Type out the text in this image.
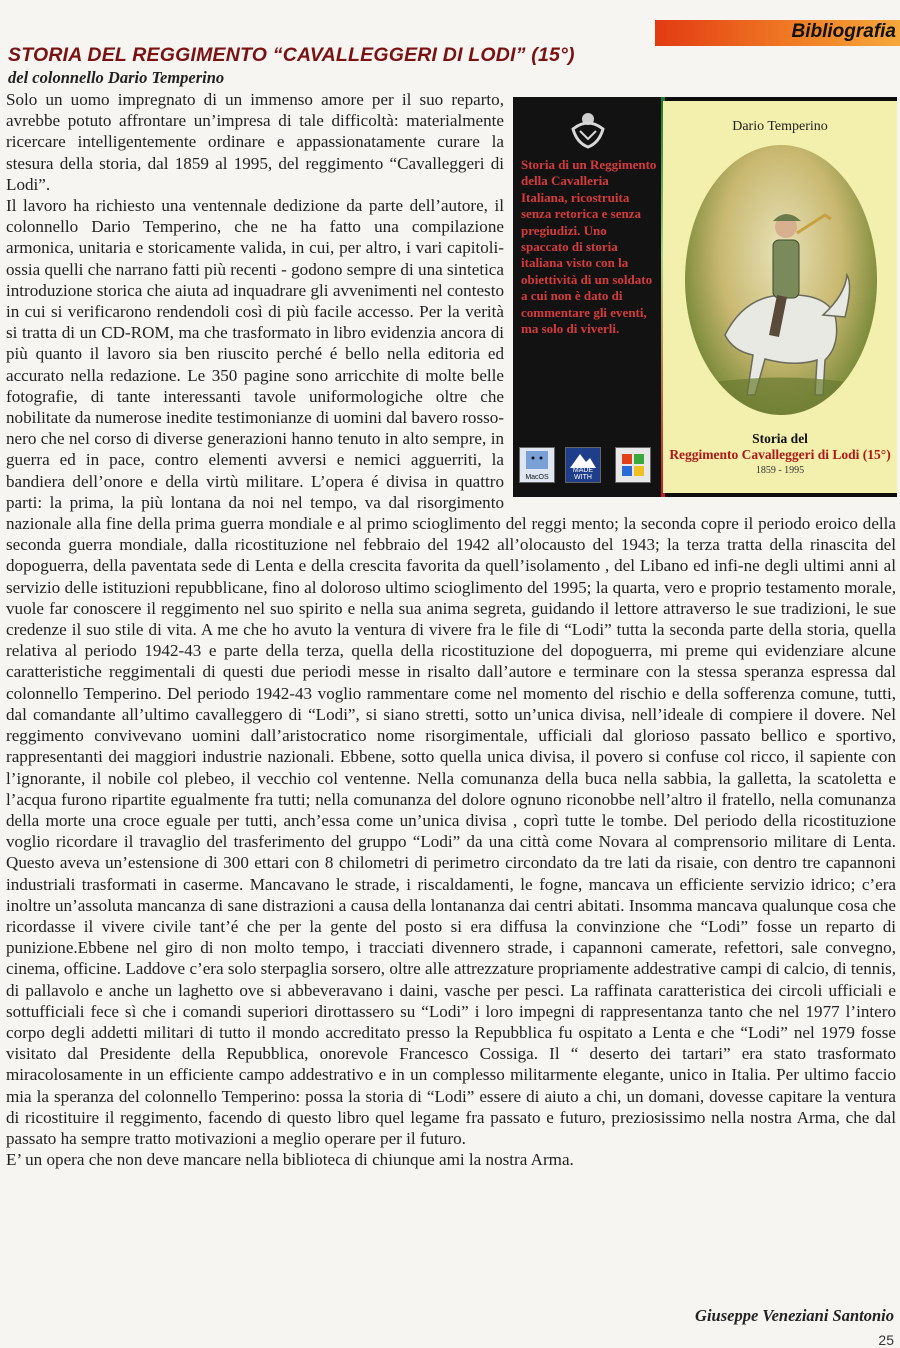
Bibliografia
STORIA DEL REGGIMENTO “CAVALLEGGERI DI LODI” (15°)
del colonnello Dario Temperino

Solo un uomo impregnato di un immenso amore per il suo reparto, avrebbe potuto affrontare un’impresa di tale difficoltà: materialmente ricercare intelligentemente ordinare e appassionatamente curare la stesura della storia, dal 1859 al 1995, del reggimento “Cavalleggeri di Lodi”.

Il lavoro ha richiesto una ventennale dedizione da parte dell’autore, il colonnello Dario Temperino, che ne ha fatto una compilazione armonica, unitaria e storicamente valida, in cui, per altro, i vari capitoli-ossia quelli che narrano fatti più recenti - godono sempre di una sintetica introduzione storica che aiuta ad inquadrare gli avvenimenti nel contesto in cui si verificarono rendendoli così di più facile accesso. Per la verità si tratta di un CD-ROM, ma che trasformato in libro evidenzia ancora di più quanto il lavoro sia ben riuscito perché é bello nella editoria ed accurato nella redazione. Le 350 pagine sono arricchite di molte belle fotografie, di tante interessanti tavole uniformologiche oltre che nobilitate da numerose inedite testimonianze di uomini dal bavero rosso-nero che nel corso di diverse generazioni hanno tenuto in alto sempre, in guerra ed in pace, contro elementi avversi e nemici agguerriti, la bandiera dell’onore e della virtù militare. L’opera é divisa in quattro parti: la prima, la più lontana da noi nel tempo, va dal risorgimento nazionale alla fine della prima guerra mondiale e al primo scioglimento del reggi mento; la seconda copre il periodo eroico della seconda guerra mondiale, dalla ricostituzione nel febbraio del 1942 all’olocausto del 1943; la terza tratta della rinascita del dopoguerra, della paventata sede di Lenta e della crescita favorita da quell’isolamento , del Libano ed infi-ne degli ultimi anni al servizio delle istituzioni repubblicane, fino al doloroso ultimo scioglimento del 1995; la quarta, vero e proprio testamento morale, vuole far conoscere il reggimento nel suo spirito e nella sua anima segreta, guidando il lettore attraverso le sue tradizioni, le sue credenze il suo stile di vita. A me che ho avuto la ventura di vivere fra le file di “Lodi” tutta la seconda parte della storia, quella relativa al periodo 1942-43 e parte della terza, quella della ricostituzione del dopoguerra, mi preme qui evidenziare alcune caratteristiche reggimentali di questi due periodi messe in risalto dall’autore e terminare con la stessa speranza espressa dal colonnello Temperino. Del periodo 1942-43 voglio rammentare come nel momento del rischio e della sofferenza comune, tutti, dal comandante all’ultimo cavalleggero di “Lodi”, si siano stretti, sotto un’unica divisa, nell’ideale di compiere il dovere. Nel reggimento convivevano uomini dall’aristocratico nome risorgimentale, ufficiali dal glorioso passato bellico e sportivo, rappresentanti dei maggiori industrie nazionali. Ebbene, sotto quella unica divisa, il povero si confuse col ricco, il sapiente con l’ignorante, il nobile col plebeo, il vecchio col ventenne. Nella comunanza della buca nella sabbia, la galletta, la scatoletta e l’acqua furono ripartite egualmente fra tutti; nella comunanza del dolore ognuno riconobbe nell’altro il fratello, nella comunanza della morte una croce eguale per tutti, anch’essa come un’unica divisa , coprì tutte le tombe. Del periodo della ricostituzione voglio ricordare il travaglio del trasferimento del gruppo “Lodi” da una città come Novara al comprensorio militare di Lenta. Questo aveva un’estensione di 300 ettari con 8 chilometri di perimetro circondato da tre lati da risaie, con dentro tre capannoni industriali trasformati in caserme. Mancavano le strade, i riscaldamenti, le fogne, mancava un efficiente servizio idrico; c’era inoltre un’assoluta mancanza di sane distrazioni a causa della lontananza dai centri abitati. Insomma mancava qualunque cosa che ricordasse il vivere civile tant’é che per la gente del posto si era diffusa la convinzione che “Lodi” fosse un reparto di punizione.Ebbene nel giro di non molto tempo, i tracciati divennero strade, i capannoni camerate, refettori, sale convegno, cinema, officine. Laddove c’era solo sterpaglia sorsero, oltre alle attrezzature propriamente addestrative campi di calcio, di tennis, di pallavolo e anche un laghetto ove si abbeveravano i daini, vasche per pesci. La raffinata caratteristica dei circoli ufficiali e sottufficiali fece sì che i comandi superiori dirottassero su “Lodi” i loro impegni di rappresentanza tanto che nel 1977 l’intero corpo degli addetti militari di tutto il mondo accreditato presso la Repubblica fu ospitato a Lenta e che “Lodi” nel 1979 fosse visitato dal Presidente della Repubblica, onorevole Francesco Cossiga. Il “ deserto dei tartari” era stato trasformato miracolosamente in un efficiente campo addestrativo e in un complesso militarmente elegante, unico in Italia. Per ultimo faccio mia la speranza del colonnello Temperino: possa la storia di “Lodi” essere di aiuto a chi, un domani, dovesse capitare la ventura di ricostituire il reggimento, facendo di questo libro quel legame fra passato e futuro, preziosissimo nella nostra Arma, che dal passato ha sempre tratto motivazioni a meglio operare per il futuro.

E’ un opera che non deve mancare nella biblioteca di chiunque ami la nostra Arma.

Storia di un Reggimento della Cavalleria Italiana, ricostruita senza retorica e senza pregiudizi. Uno spaccato di storia italiana visto con la obiettività di un soldato a cui non è dato di commentare gli eventi, ma solo di viverli.
MacOS
MADE WITH
Dario Temperino
Storia del
Reggimento Cavalleggeri di Lodi (15°)
1859 - 1995
Giuseppe Veneziani Santonio
25
